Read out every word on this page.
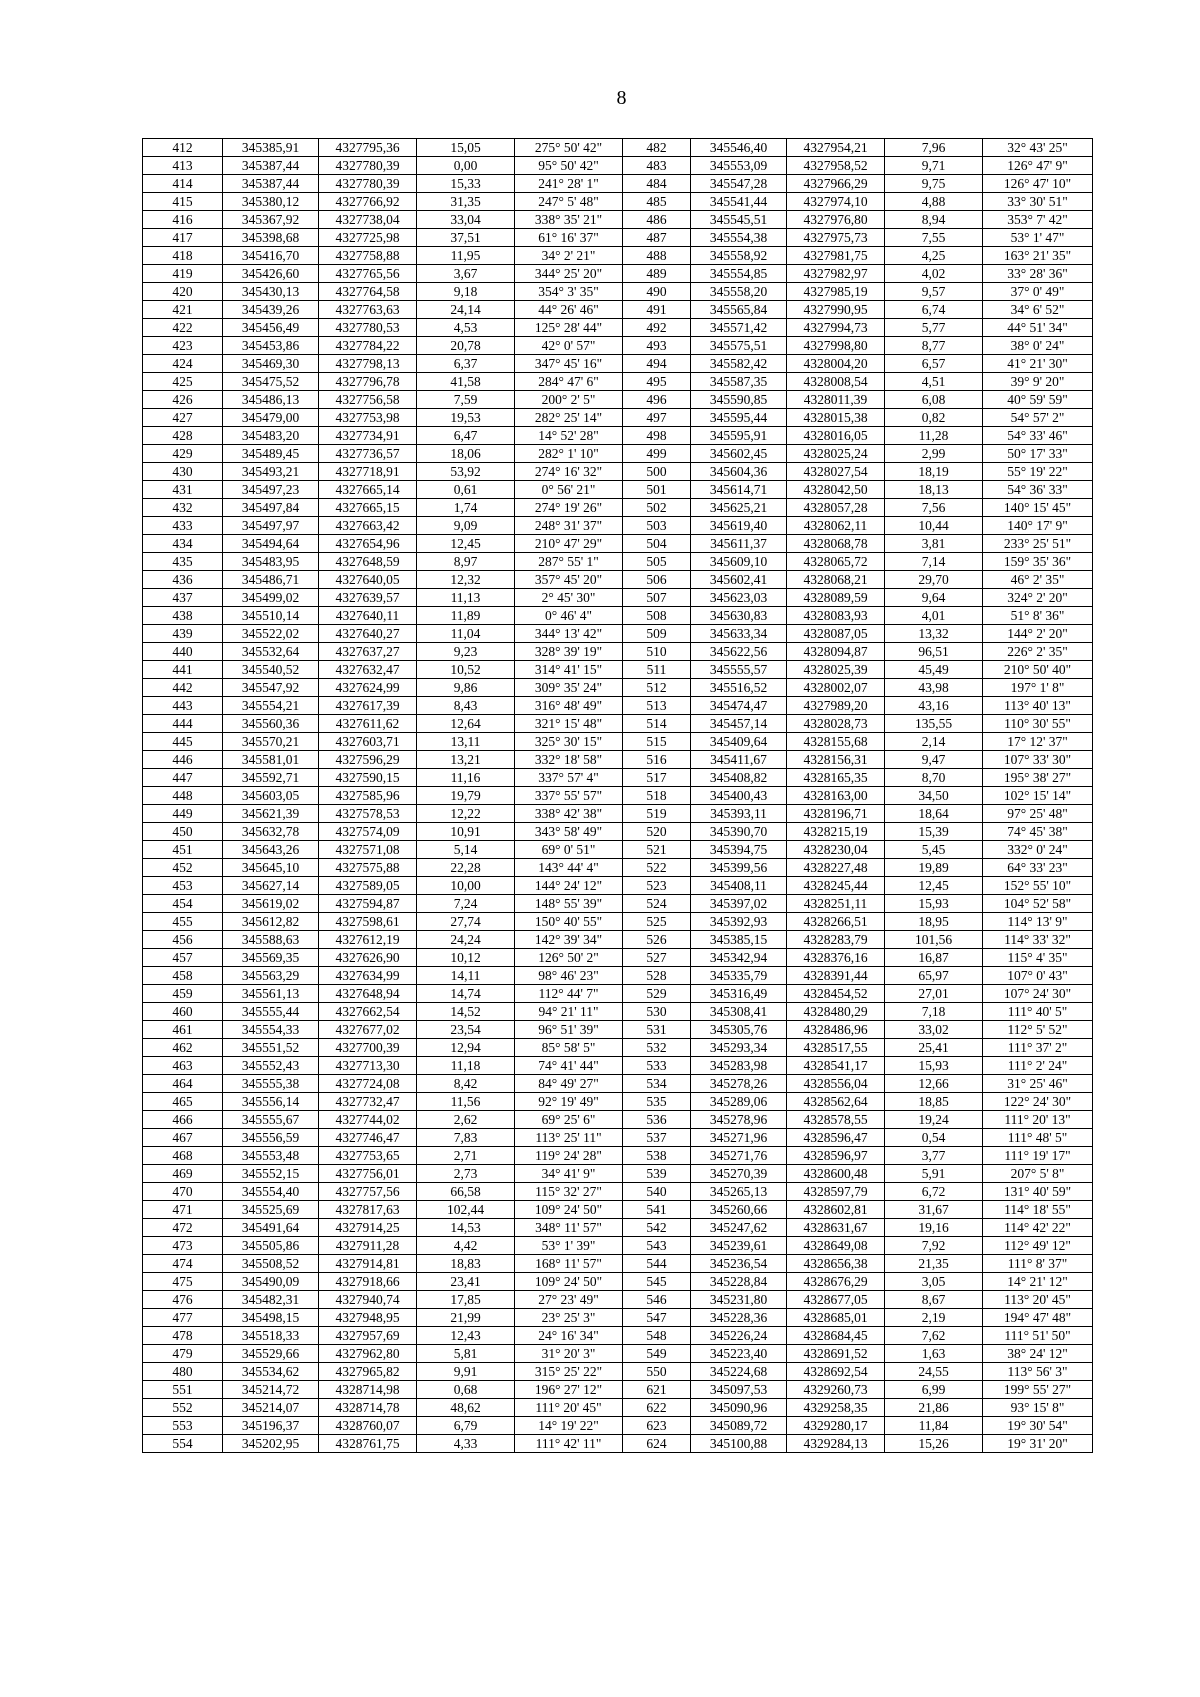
8
412	345385,91	4327795,36	15,05	275° 50' 42"	482	345546,40	4327954,21	7,96	32° 43' 25"
413	345387,44	4327780,39	0,00	95° 50' 42"	483	345553,09	4327958,52	9,71	126° 47' 9"
414	345387,44	4327780,39	15,33	241° 28' 1"	484	345547,28	4327966,29	9,75	126° 47' 10"
415	345380,12	4327766,92	31,35	247° 5' 48"	485	345541,44	4327974,10	4,88	33° 30' 51"
416	345367,92	4327738,04	33,04	338° 35' 21"	486	345545,51	4327976,80	8,94	353° 7' 42"
417	345398,68	4327725,98	37,51	61° 16' 37"	487	345554,38	4327975,73	7,55	53° 1' 47"
418	345416,70	4327758,88	11,95	34° 2' 21"	488	345558,92	4327981,75	4,25	163° 21' 35"
419	345426,60	4327765,56	3,67	344° 25' 20"	489	345554,85	4327982,97	4,02	33° 28' 36"
420	345430,13	4327764,58	9,18	354° 3' 35"	490	345558,20	4327985,19	9,57	37° 0' 49"
421	345439,26	4327763,63	24,14	44° 26' 46"	491	345565,84	4327990,95	6,74	34° 6' 52"
422	345456,49	4327780,53	4,53	125° 28' 44"	492	345571,42	4327994,73	5,77	44° 51' 34"
423	345453,86	4327784,22	20,78	42° 0' 57"	493	345575,51	4327998,80	8,77	38° 0' 24"
424	345469,30	4327798,13	6,37	347° 45' 16"	494	345582,42	4328004,20	6,57	41° 21' 30"
425	345475,52	4327796,78	41,58	284° 47' 6"	495	345587,35	4328008,54	4,51	39° 9' 20"
426	345486,13	4327756,58	7,59	200° 2' 5"	496	345590,85	4328011,39	6,08	40° 59' 59"
427	345479,00	4327753,98	19,53	282° 25' 14"	497	345595,44	4328015,38	0,82	54° 57' 2"
428	345483,20	4327734,91	6,47	14° 52' 28"	498	345595,91	4328016,05	11,28	54° 33' 46"
429	345489,45	4327736,57	18,06	282° 1' 10"	499	345602,45	4328025,24	2,99	50° 17' 33"
430	345493,21	4327718,91	53,92	274° 16' 32"	500	345604,36	4328027,54	18,19	55° 19' 22"
431	345497,23	4327665,14	0,61	0° 56' 21"	501	345614,71	4328042,50	18,13	54° 36' 33"
432	345497,84	4327665,15	1,74	274° 19' 26"	502	345625,21	4328057,28	7,56	140° 15' 45"
433	345497,97	4327663,42	9,09	248° 31' 37"	503	345619,40	4328062,11	10,44	140° 17' 9"
434	345494,64	4327654,96	12,45	210° 47' 29"	504	345611,37	4328068,78	3,81	233° 25' 51"
435	345483,95	4327648,59	8,97	287° 55' 1"	505	345609,10	4328065,72	7,14	159° 35' 36"
436	345486,71	4327640,05	12,32	357° 45' 20"	506	345602,41	4328068,21	29,70	46° 2' 35"
437	345499,02	4327639,57	11,13	2° 45' 30"	507	345623,03	4328089,59	9,64	324° 2' 20"
438	345510,14	4327640,11	11,89	0° 46' 4"	508	345630,83	4328083,93	4,01	51° 8' 36"
439	345522,02	4327640,27	11,04	344° 13' 42"	509	345633,34	4328087,05	13,32	144° 2' 20"
440	345532,64	4327637,27	9,23	328° 39' 19"	510	345622,56	4328094,87	96,51	226° 2' 35"
441	345540,52	4327632,47	10,52	314° 41' 15"	511	345555,57	4328025,39	45,49	210° 50' 40"
442	345547,92	4327624,99	9,86	309° 35' 24"	512	345516,52	4328002,07	43,98	197° 1' 8"
443	345554,21	4327617,39	8,43	316° 48' 49"	513	345474,47	4327989,20	43,16	113° 40' 13"
444	345560,36	4327611,62	12,64	321° 15' 48"	514	345457,14	4328028,73	135,55	110° 30' 55"
445	345570,21	4327603,71	13,11	325° 30' 15"	515	345409,64	4328155,68	2,14	17° 12' 37"
446	345581,01	4327596,29	13,21	332° 18' 58"	516	345411,67	4328156,31	9,47	107° 33' 30"
447	345592,71	4327590,15	11,16	337° 57' 4"	517	345408,82	4328165,35	8,70	195° 38' 27"
448	345603,05	4327585,96	19,79	337° 55' 57"	518	345400,43	4328163,00	34,50	102° 15' 14"
449	345621,39	4327578,53	12,22	338° 42' 38"	519	345393,11	4328196,71	18,64	97° 25' 48"
450	345632,78	4327574,09	10,91	343° 58' 49"	520	345390,70	4328215,19	15,39	74° 45' 38"
451	345643,26	4327571,08	5,14	69° 0' 51"	521	345394,75	4328230,04	5,45	332° 0' 24"
452	345645,10	4327575,88	22,28	143° 44' 4"	522	345399,56	4328227,48	19,89	64° 33' 23"
453	345627,14	4327589,05	10,00	144° 24' 12"	523	345408,11	4328245,44	12,45	152° 55' 10"
454	345619,02	4327594,87	7,24	148° 55' 39"	524	345397,02	4328251,11	15,93	104° 52' 58"
455	345612,82	4327598,61	27,74	150° 40' 55"	525	345392,93	4328266,51	18,95	114° 13' 9"
456	345588,63	4327612,19	24,24	142° 39' 34"	526	345385,15	4328283,79	101,56	114° 33' 32"
457	345569,35	4327626,90	10,12	126° 50' 2"	527	345342,94	4328376,16	16,87	115° 4' 35"
458	345563,29	4327634,99	14,11	98° 46' 23"	528	345335,79	4328391,44	65,97	107° 0' 43"
459	345561,13	4327648,94	14,74	112° 44' 7"	529	345316,49	4328454,52	27,01	107° 24' 30"
460	345555,44	4327662,54	14,52	94° 21' 11"	530	345308,41	4328480,29	7,18	111° 40' 5"
461	345554,33	4327677,02	23,54	96° 51' 39"	531	345305,76	4328486,96	33,02	112° 5' 52"
462	345551,52	4327700,39	12,94	85° 58' 5"	532	345293,34	4328517,55	25,41	111° 37' 2"
463	345552,43	4327713,30	11,18	74° 41' 44"	533	345283,98	4328541,17	15,93	111° 2' 24"
464	345555,38	4327724,08	8,42	84° 49' 27"	534	345278,26	4328556,04	12,66	31° 25' 46"
465	345556,14	4327732,47	11,56	92° 19' 49"	535	345289,06	4328562,64	18,85	122° 24' 30"
466	345555,67	4327744,02	2,62	69° 25' 6"	536	345278,96	4328578,55	19,24	111° 20' 13"
467	345556,59	4327746,47	7,83	113° 25' 11"	537	345271,96	4328596,47	0,54	111° 48' 5"
468	345553,48	4327753,65	2,71	119° 24' 28"	538	345271,76	4328596,97	3,77	111° 19' 17"
469	345552,15	4327756,01	2,73	34° 41' 9"	539	345270,39	4328600,48	5,91	207° 5' 8"
470	345554,40	4327757,56	66,58	115° 32' 27"	540	345265,13	4328597,79	6,72	131° 40' 59"
471	345525,69	4327817,63	102,44	109° 24' 50"	541	345260,66	4328602,81	31,67	114° 18' 55"
472	345491,64	4327914,25	14,53	348° 11' 57"	542	345247,62	4328631,67	19,16	114° 42' 22"
473	345505,86	4327911,28	4,42	53° 1' 39"	543	345239,61	4328649,08	7,92	112° 49' 12"
474	345508,52	4327914,81	18,83	168° 11' 57"	544	345236,54	4328656,38	21,35	111° 8' 37"
475	345490,09	4327918,66	23,41	109° 24' 50"	545	345228,84	4328676,29	3,05	14° 21' 12"
476	345482,31	4327940,74	17,85	27° 23' 49"	546	345231,80	4328677,05	8,67	113° 20' 45"
477	345498,15	4327948,95	21,99	23° 25' 3"	547	345228,36	4328685,01	2,19	194° 47' 48"
478	345518,33	4327957,69	12,43	24° 16' 34"	548	345226,24	4328684,45	7,62	111° 51' 50"
479	345529,66	4327962,80	5,81	31° 20' 3"	549	345223,40	4328691,52	1,63	38° 24' 12"
480	345534,62	4327965,82	9,91	315° 25' 22"	550	345224,68	4328692,54	24,55	113° 56' 3"
551	345214,72	4328714,98	0,68	196° 27' 12"	621	345097,53	4329260,73	6,99	199° 55' 27"
552	345214,07	4328714,78	48,62	111° 20' 45"	622	345090,96	4329258,35	21,86	93° 15' 8"
553	345196,37	4328760,07	6,79	14° 19' 22"	623	345089,72	4329280,17	11,84	19° 30' 54"
554	345202,95	4328761,75	4,33	111° 42' 11"	624	345100,88	4329284,13	15,26	19° 31' 20"
